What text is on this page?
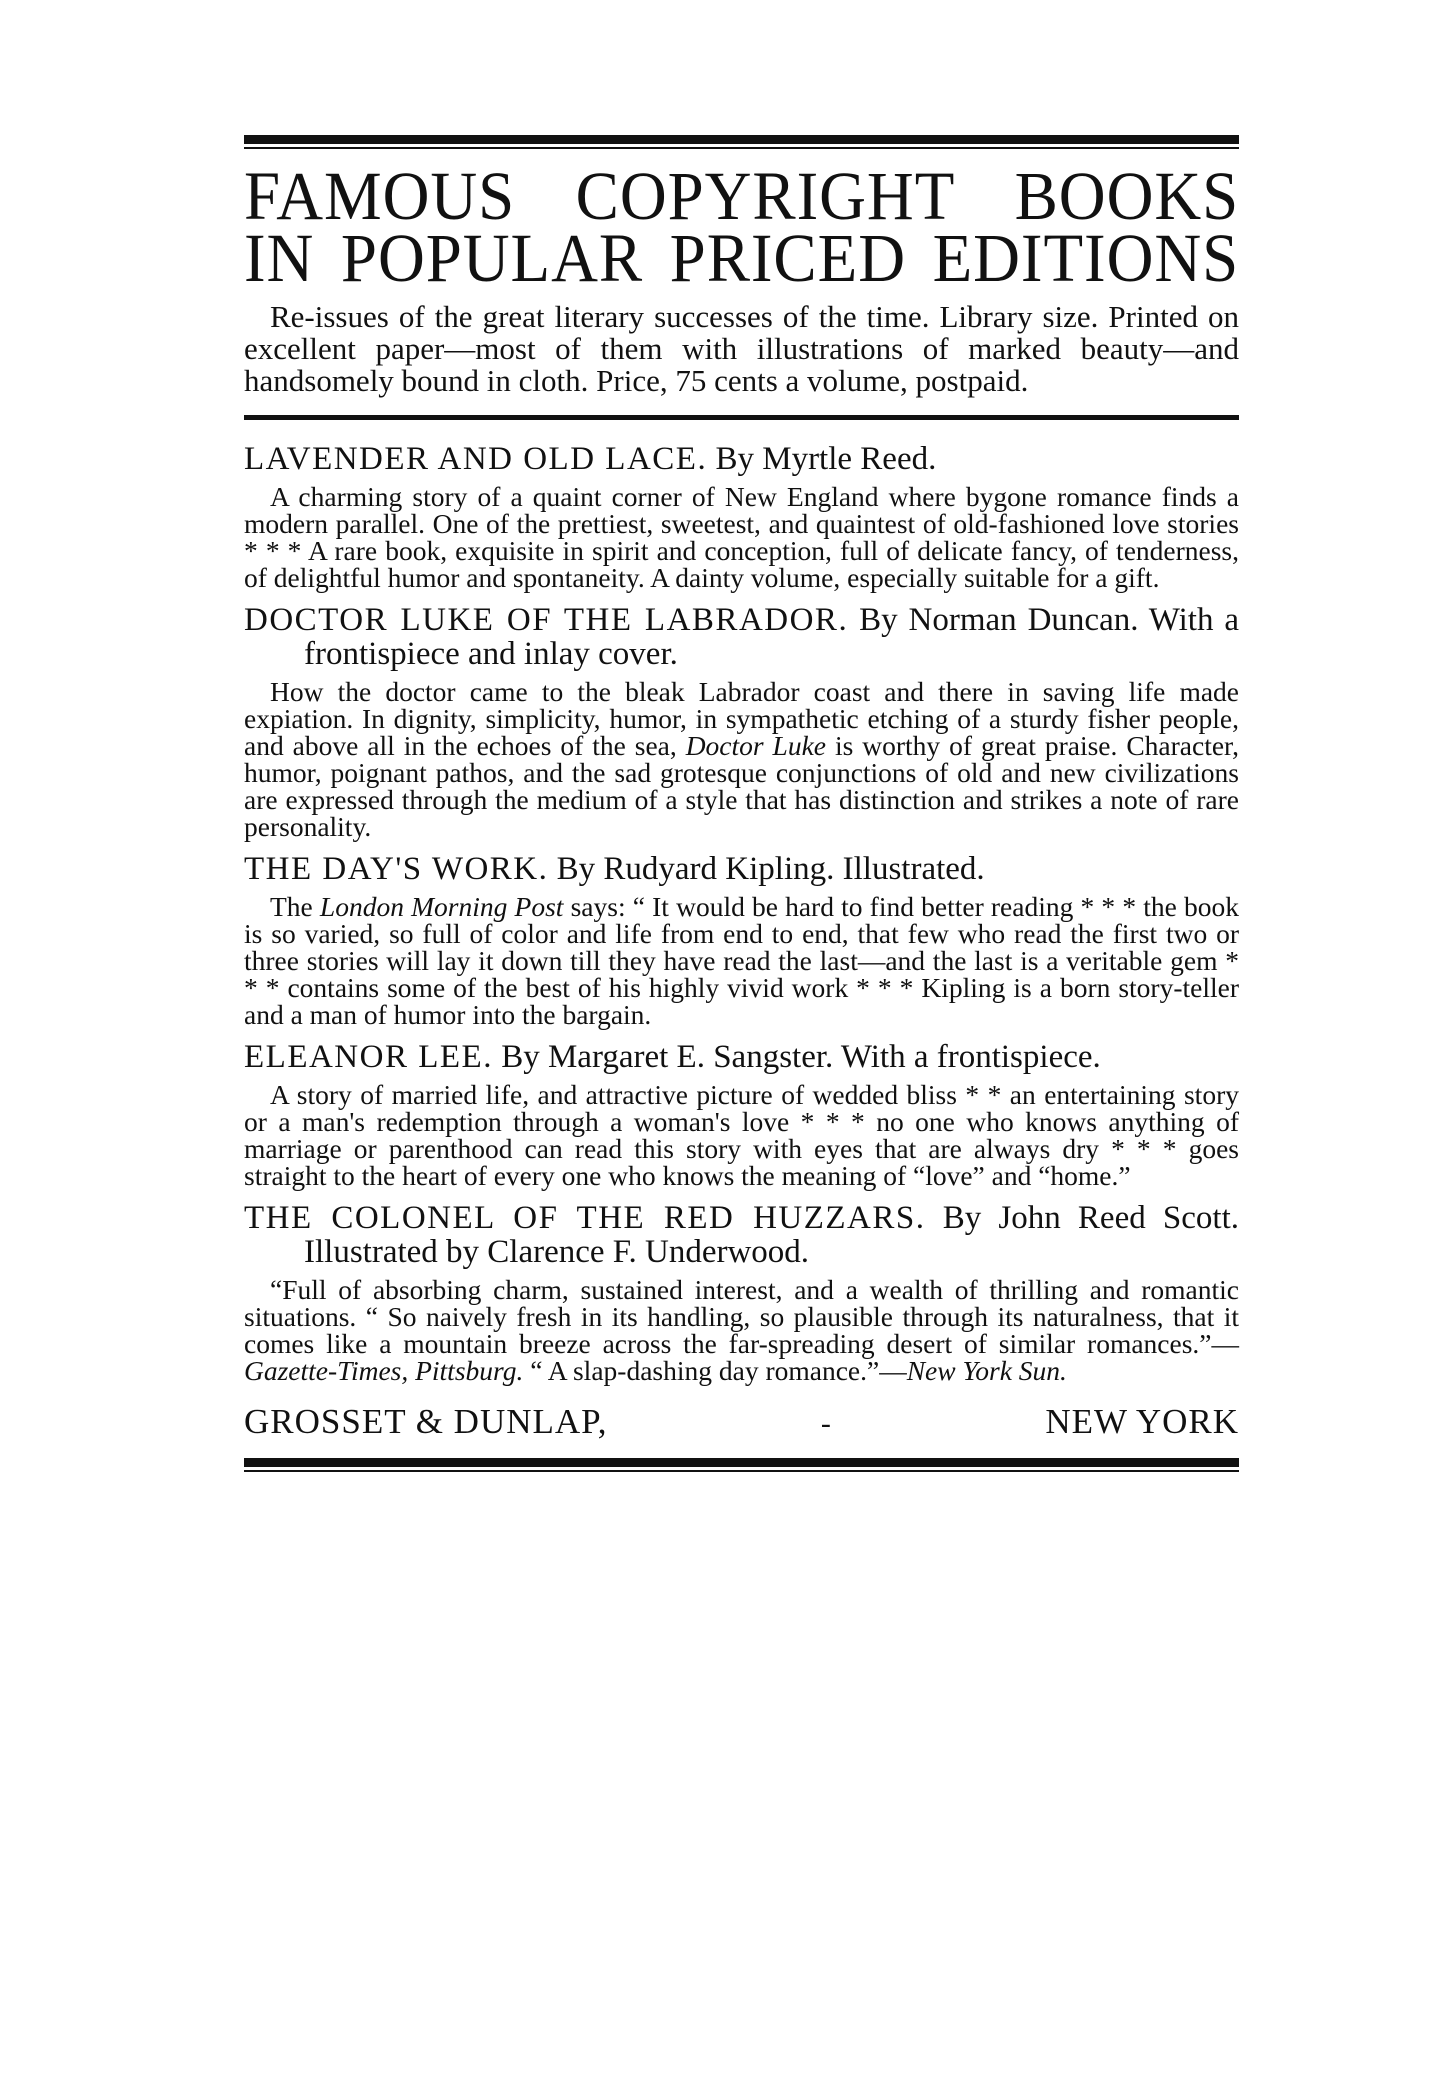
FAMOUS COPYRIGHT BOOKS
IN POPULAR PRICED EDITIONS

Re-issues of the great literary successes of the time. Library size. Printed on excellent paper—most of them with illustrations of marked beauty—and handsomely bound in cloth. Price, 75 cents a volume, postpaid.

LAVENDER AND OLD LACE. By Myrtle Reed.

A charming story of a quaint corner of New England where bygone romance finds a modern parallel. One of the prettiest, sweetest, and quaintest of old-fashioned love stories * * * A rare book, exquisite in spirit and conception, full of delicate fancy, of tenderness, of delightful humor and spontaneity. A dainty volume, especially suitable for a gift.

DOCTOR LUKE OF THE LABRADOR. By Norman Duncan. With a frontispiece and inlay cover.

How the doctor came to the bleak Labrador coast and there in saving life made expiation. In dignity, simplicity, humor, in sympathetic etching of a sturdy fisher people, and above all in the echoes of the sea, Doctor Luke is worthy of great praise. Character, humor, poignant pathos, and the sad grotesque conjunctions of old and new civilizations are expressed through the medium of a style that has distinction and strikes a note of rare personality.

THE DAY'S WORK. By Rudyard Kipling. Illustrated.

The London Morning Post says: “ It would be hard to find better reading * * * the book is so varied, so full of color and life from end to end, that few who read the first two or three stories will lay it down till they have read the last—and the last is a veritable gem * * * contains some of the best of his highly vivid work * * * Kipling is a born story-teller and a man of humor into the bargain.

ELEANOR LEE. By Margaret E. Sangster. With a frontispiece.

A story of married life, and attractive picture of wedded bliss * * an entertaining story or a man's redemption through a woman's love * * * no one who knows anything of marriage or parenthood can read this story with eyes that are always dry * * * goes straight to the heart of every one who knows the meaning of “love” and “home.”

THE COLONEL OF THE RED HUZZARS. By John Reed Scott. Illustrated by Clarence F. Underwood.

“Full of absorbing charm, sustained interest, and a wealth of thrilling and romantic situations. “ So naively fresh in its handling, so plausible through its naturalness, that it comes like a mountain breeze across the far-spreading desert of similar romances.”—Gazette-Times, Pittsburg. “ A slap-dashing day romance.”—New York Sun.

GROSSET & DUNLAP,	-	NEW YORK
